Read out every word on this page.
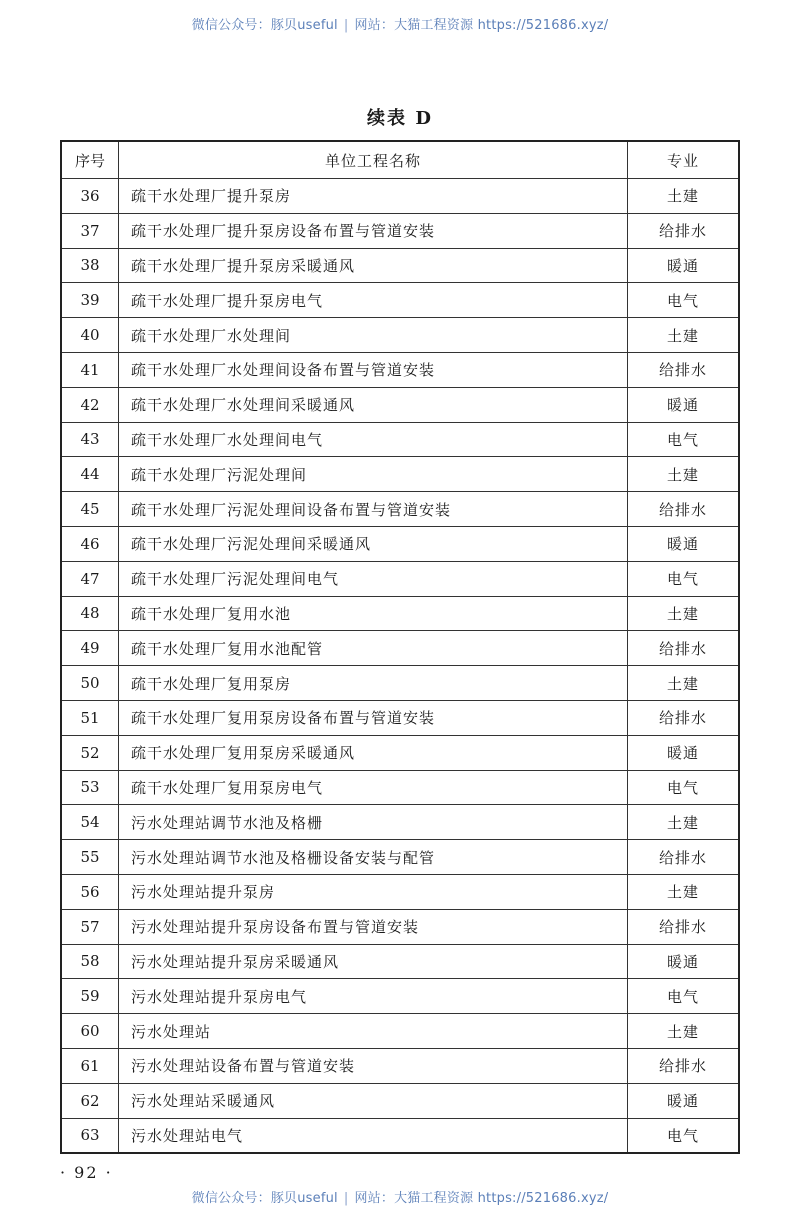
微信公众号：豚贝useful | 网站：大猫工程资源 https://521686.xyz/
续表 D
序号	单位工程名称	专业
36	疏干水处理厂提升泵房	土建
37	疏干水处理厂提升泵房设备布置与管道安装	给排水
38	疏干水处理厂提升泵房采暖通风	暖通
39	疏干水处理厂提升泵房电气	电气
40	疏干水处理厂水处理间	土建
41	疏干水处理厂水处理间设备布置与管道安装	给排水
42	疏干水处理厂水处理间采暖通风	暖通
43	疏干水处理厂水处理间电气	电气
44	疏干水处理厂污泥处理间	土建
45	疏干水处理厂污泥处理间设备布置与管道安装	给排水
46	疏干水处理厂污泥处理间采暖通风	暖通
47	疏干水处理厂污泥处理间电气	电气
48	疏干水处理厂复用水池	土建
49	疏干水处理厂复用水池配管	给排水
50	疏干水处理厂复用泵房	土建
51	疏干水处理厂复用泵房设备布置与管道安装	给排水
52	疏干水处理厂复用泵房采暖通风	暖通
53	疏干水处理厂复用泵房电气	电气
54	污水处理站调节水池及格栅	土建
55	污水处理站调节水池及格栅设备安装与配管	给排水
56	污水处理站提升泵房	土建
57	污水处理站提升泵房设备布置与管道安装	给排水
58	污水处理站提升泵房采暖通风	暖通
59	污水处理站提升泵房电气	电气
60	污水处理站	土建
61	污水处理站设备布置与管道安装	给排水
62	污水处理站采暖通风	暖通
63	污水处理站电气	电气
· 92 ·
微信公众号：豚贝useful | 网站：大猫工程资源 https://521686.xyz/
